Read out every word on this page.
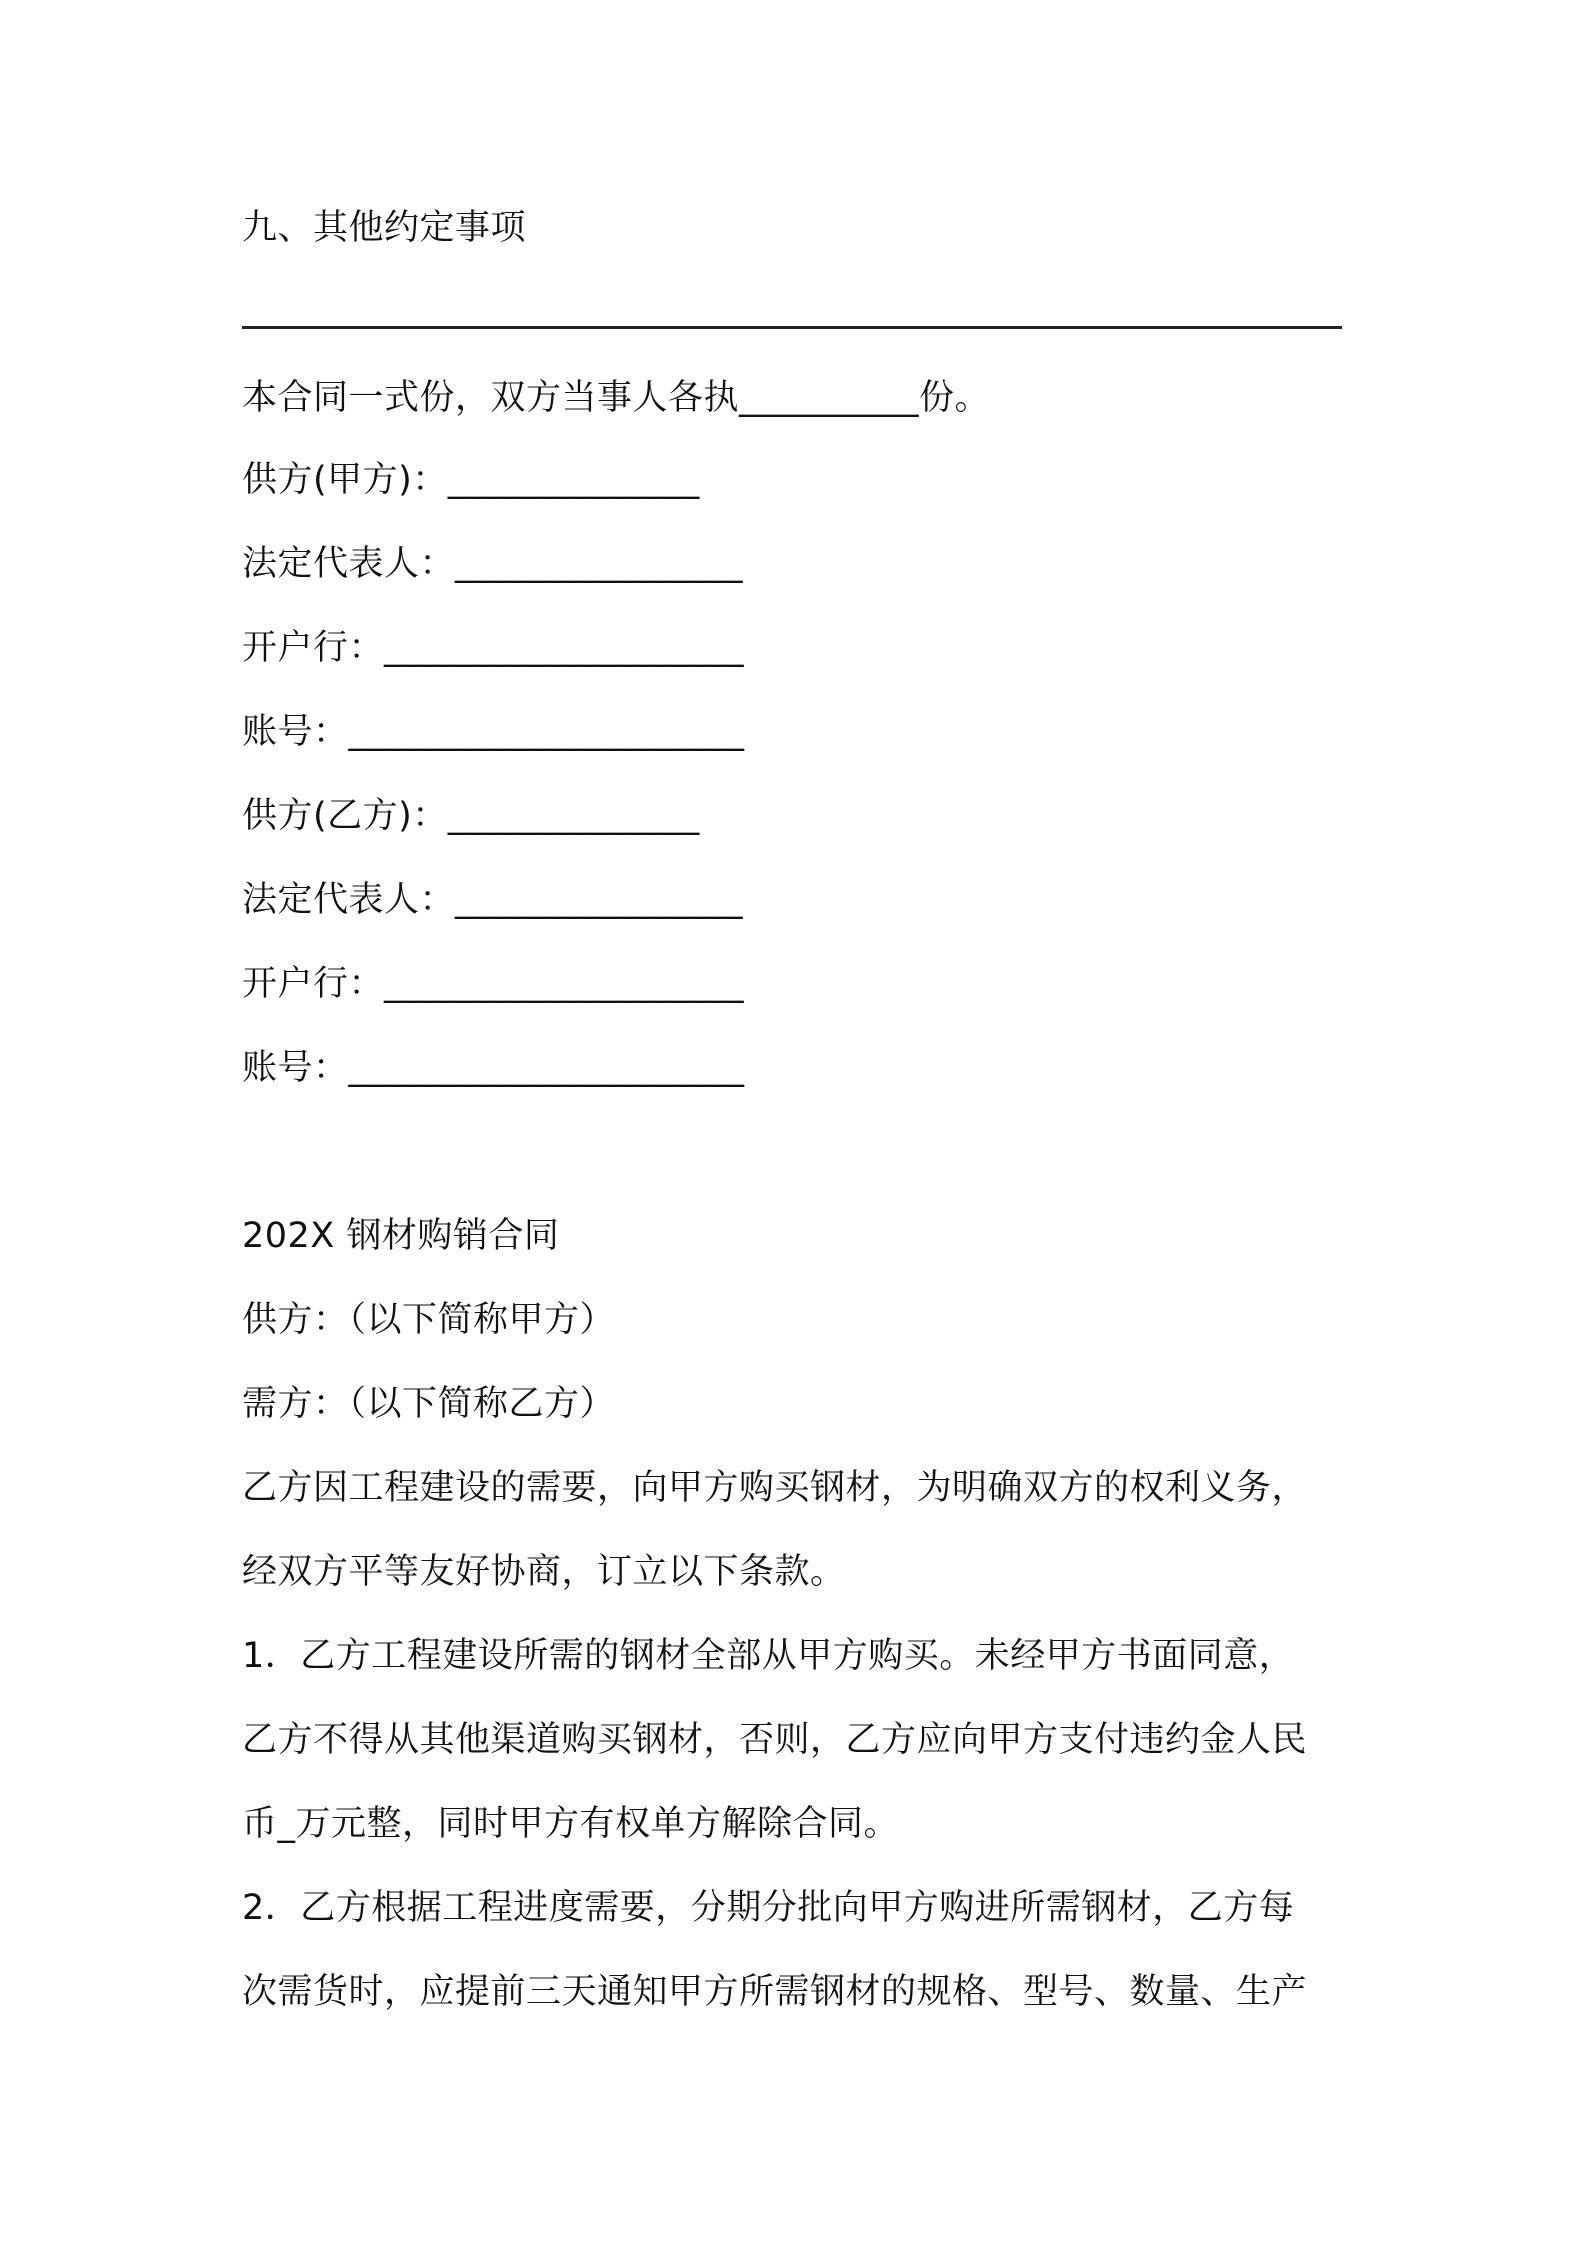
九、其他约定事项
本合同一式份，双方当事人各执__________份。
供方(甲方)：______________
法定代表人：________________
开户行：____________________
账号：______________________
供方(乙方)：______________
法定代表人：________________
开户行：____________________
账号：______________________
202X 钢材购销合同
供方：（以下简称甲方）
需方：（以下简称乙方）
乙方因工程建设的需要，向甲方购买钢材，为明确双方的权利义务，
经双方平等友好协商，订立以下条款。
1．乙方工程建设所需的钢材全部从甲方购买。未经甲方书面同意，
乙方不得从其他渠道购买钢材，否则，乙方应向甲方支付违约金人民
币_万元整，同时甲方有权单方解除合同。
2．乙方根据工程进度需要，分期分批向甲方购进所需钢材，乙方每
次需货时，应提前三天通知甲方所需钢材的规格、型号、数量、生产
